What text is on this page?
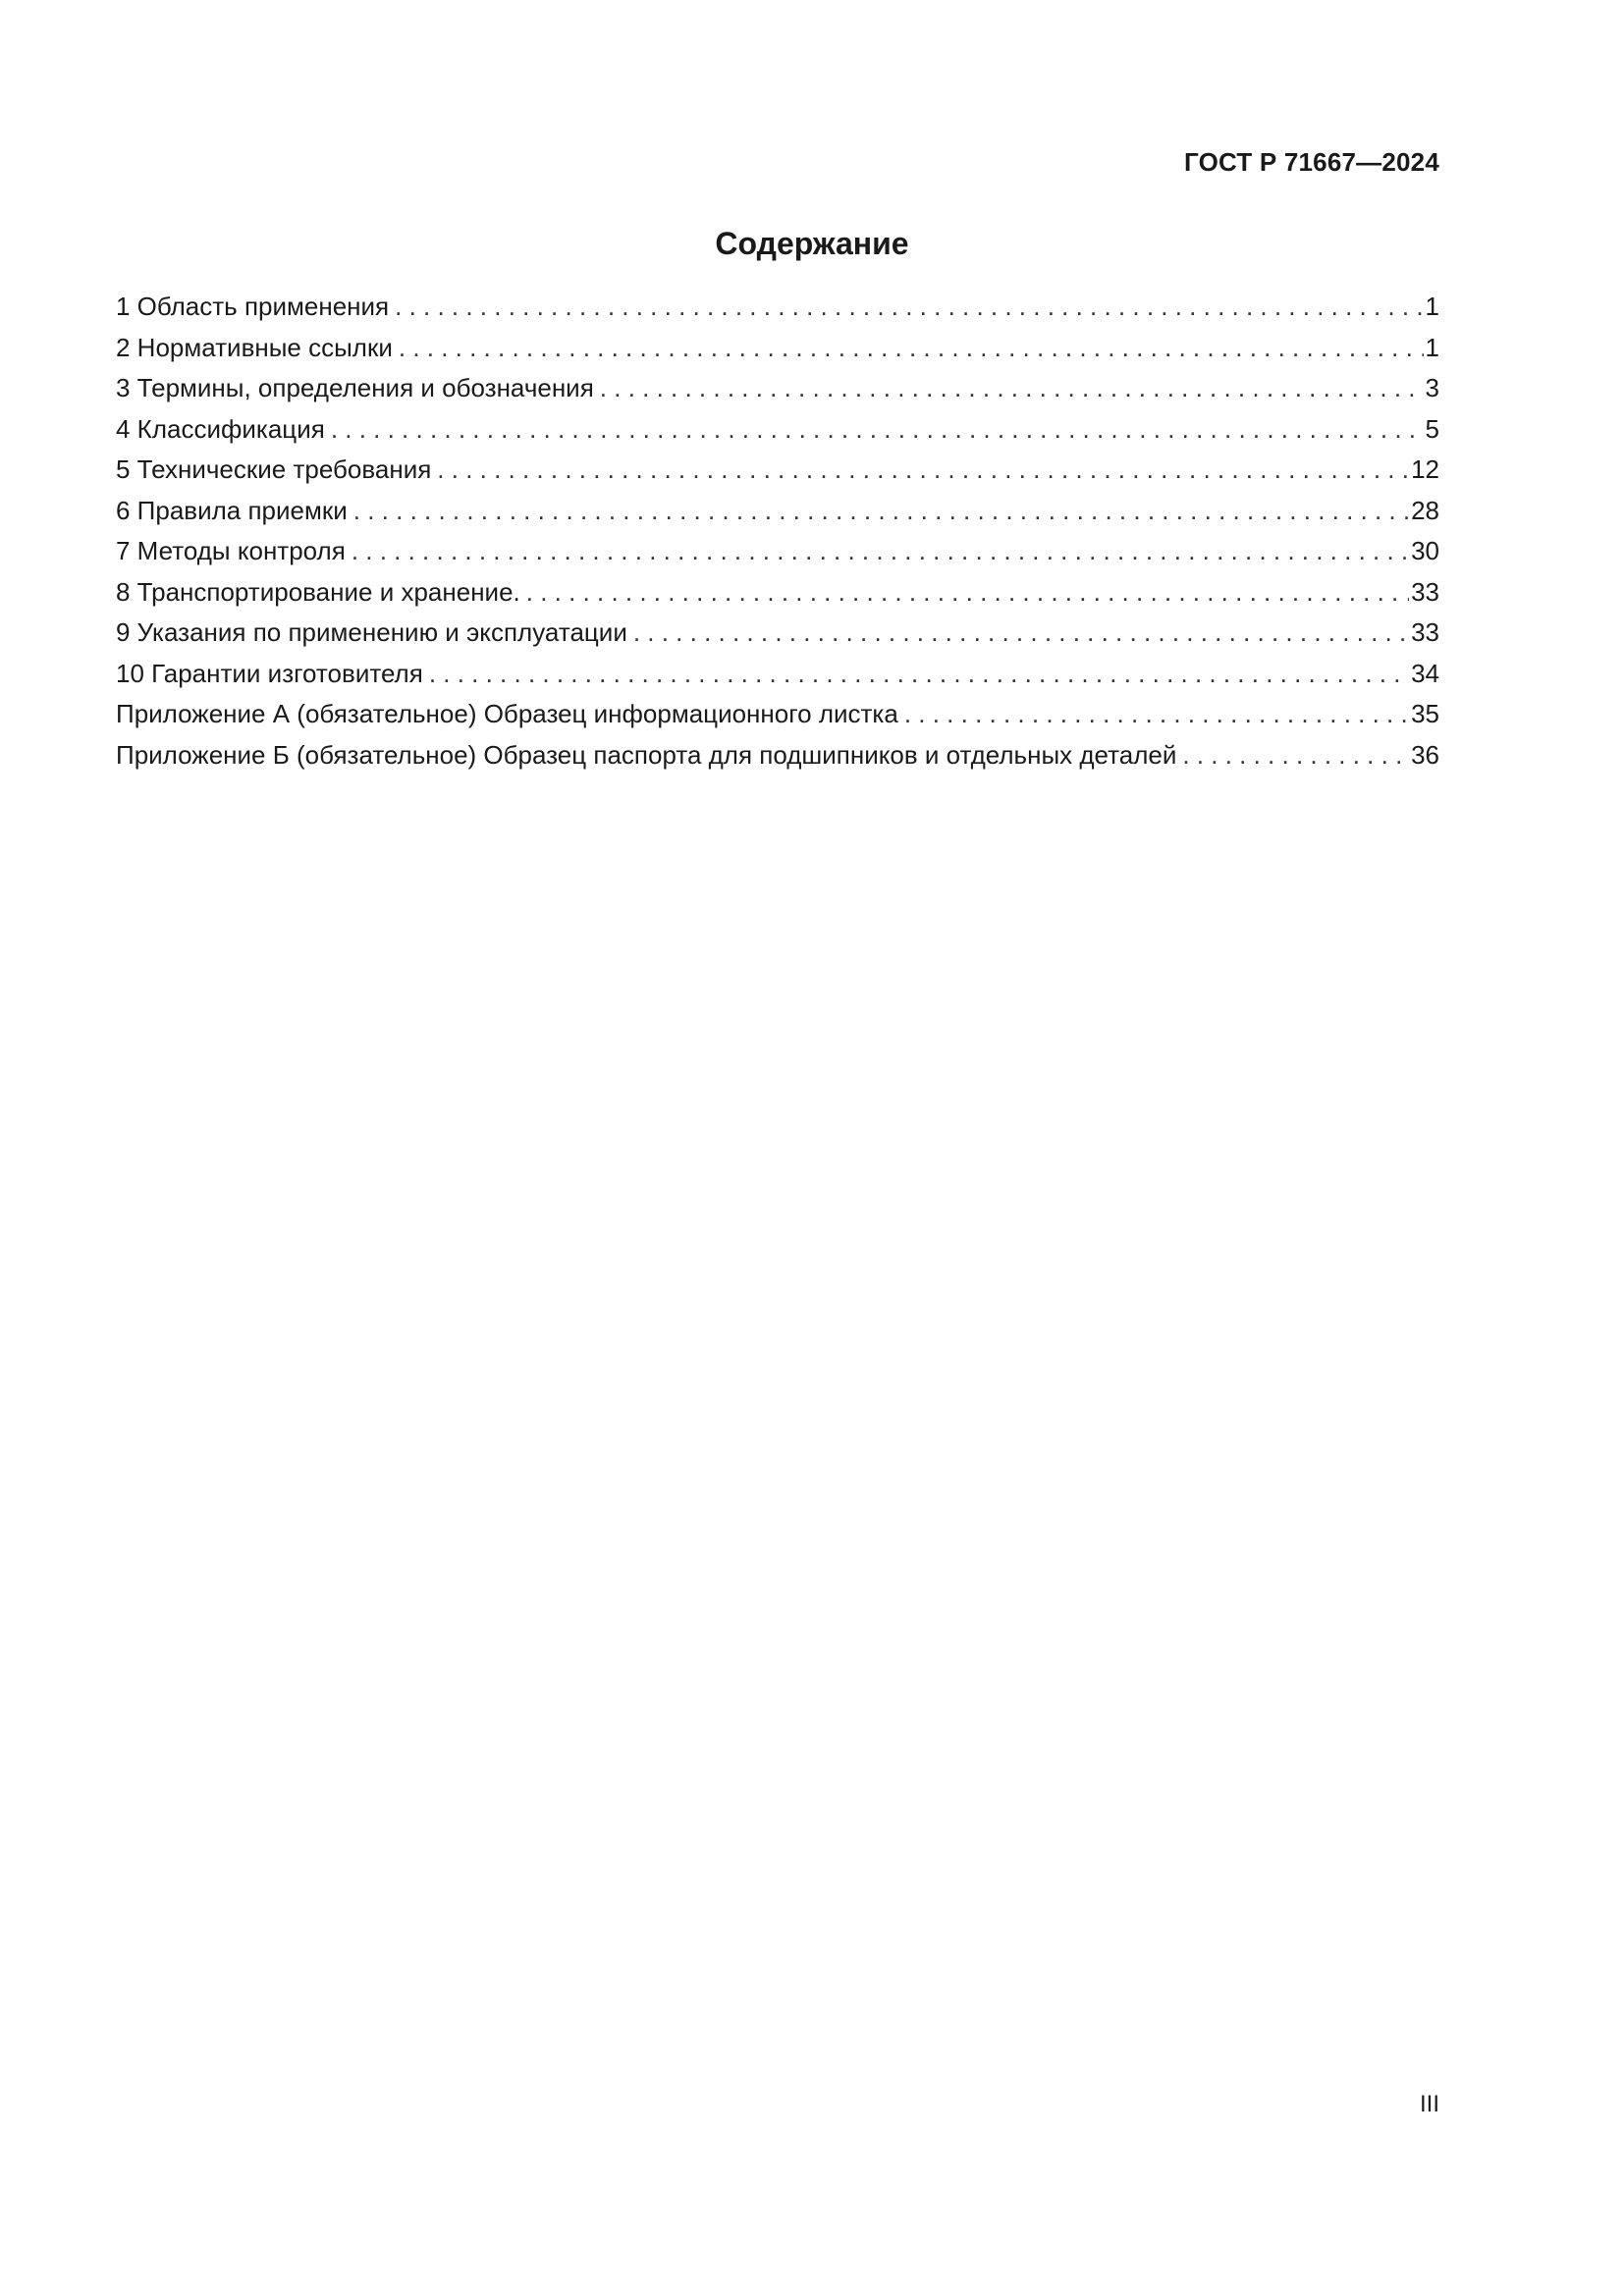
ГОСТ Р 71667—2024
Содержание
1 Область применения . . .	1
2 Нормативные ссылки . . .	1
3 Термины, определения и обозначения . . .	3
4 Классификация . . .	5
5 Технические требования . . .	12
6 Правила приемки . . .	28
7 Методы контроля . . .	30
8 Транспортирование и хранение. . . .	33
9 Указания по применению и эксплуатации . . .	33
10 Гарантии изготовителя . . .	34
Приложение А (обязательное) Образец информационного листка . . .	35
Приложение Б (обязательное) Образец паспорта для подшипников и отдельных деталей . . .	36
III
